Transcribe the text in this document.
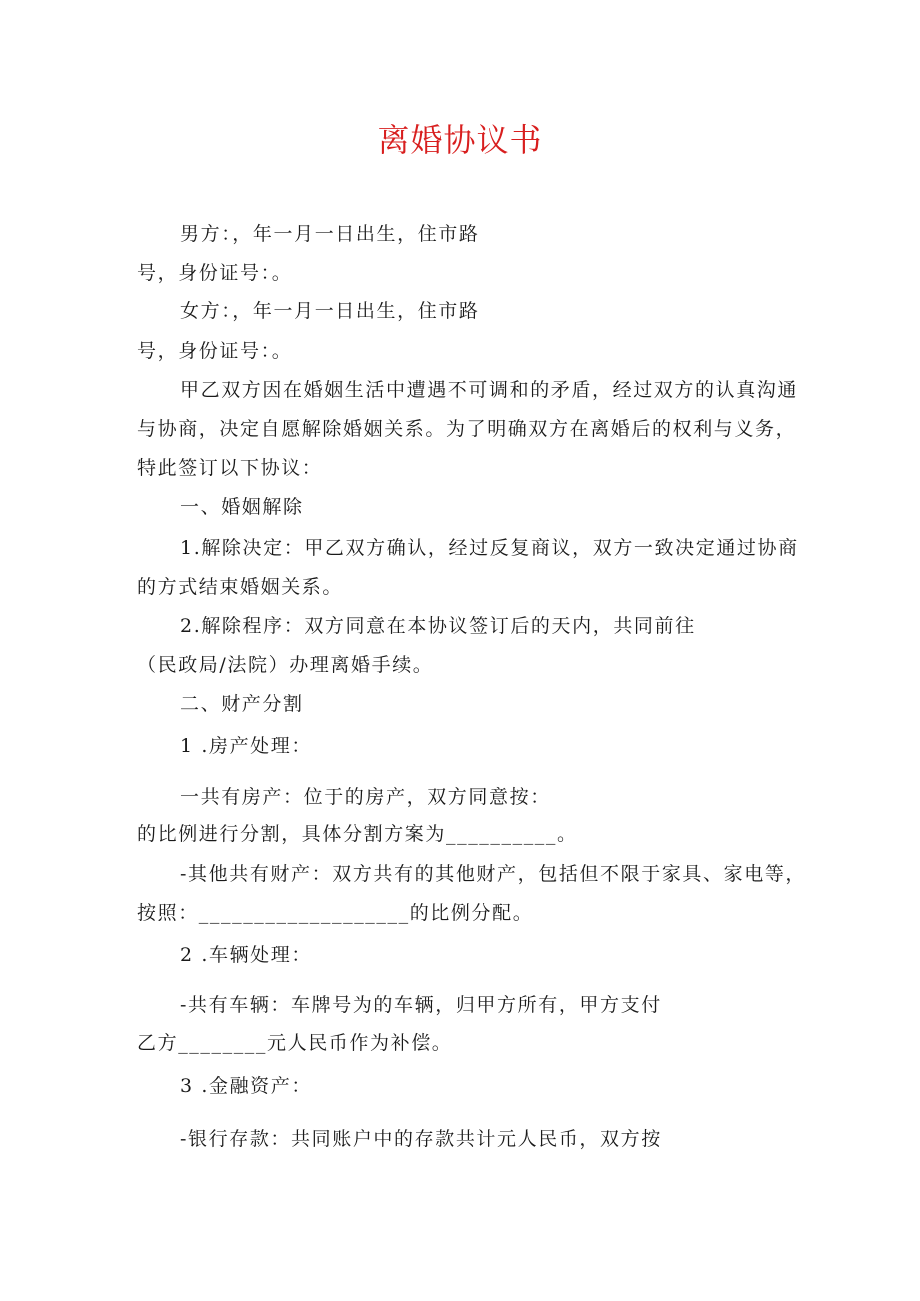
离婚协议书
男方：，年一月一日出生，住市路
号，身份证号：。
女方：，年一月一日出生，住市路
号，身份证号：。
甲乙双方因在婚姻生活中遭遇不可调和的矛盾，经过双方的认真沟通
与协商，决定自愿解除婚姻关系。为了明确双方在离婚后的权利与义务，
特此签订以下协议：
一、婚姻解除
1.解除决定：甲乙双方确认，经过反复商议，双方一致决定通过协商
的方式结束婚姻关系。
2.解除程序：双方同意在本协议签订后的天内，共同前往
（民政局/法院）办理离婚手续。
二、财产分割
1 .房产处理：
一共有房产：位于的房产，双方同意按：
的比例进行分割，具体分割方案为__________。
-其他共有财产：双方共有的其他财产，包括但不限于家具、家电等，
按照：___________________的比例分配。
2 .车辆处理：
-共有车辆：车牌号为的车辆，归甲方所有，甲方支付
乙方________元人民币作为补偿。
3 .金融资产：
-银行存款：共同账户中的存款共计元人民币，双方按
